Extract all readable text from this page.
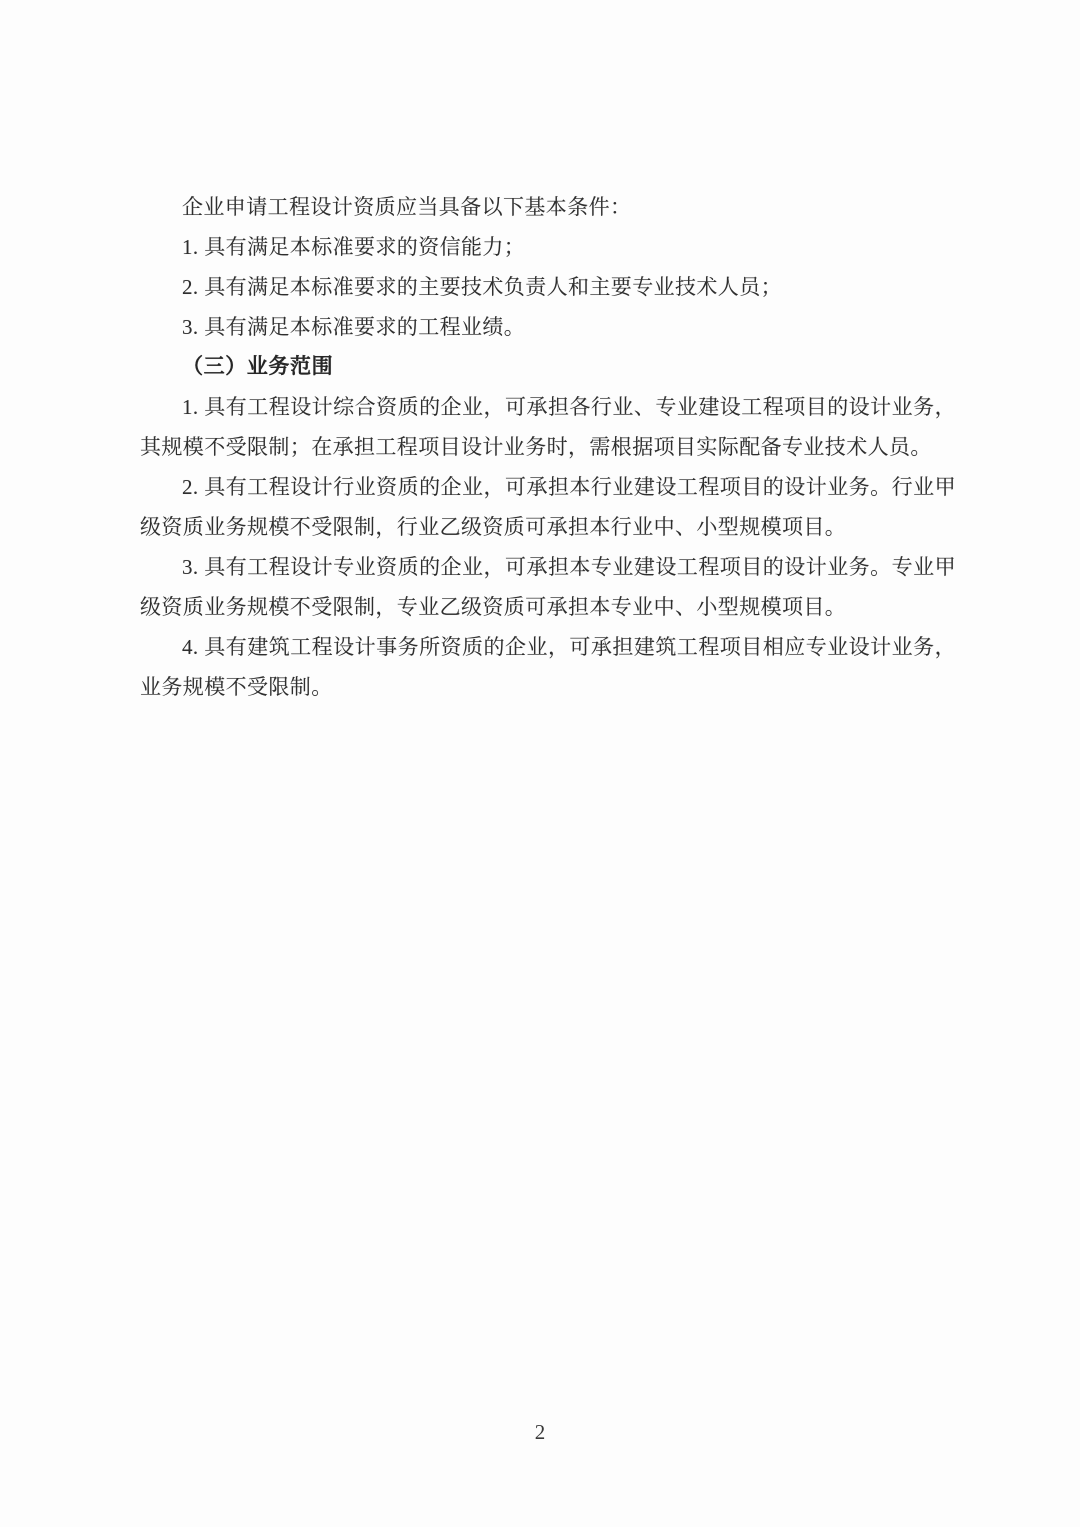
企业申请工程设计资质应当具备以下基本条件：

1. 具有满足本标准要求的资信能力；

2. 具有满足本标准要求的主要技术负责人和主要专业技术人员；

3. 具有满足本标准要求的工程业绩。

（三）业务范围

1. 具有工程设计综合资质的企业，可承担各行业、专业建设工程项目的设计业务，其规模不受限制；在承担工程项目设计业务时，需根据项目实际配备专业技术人员。

2. 具有工程设计行业资质的企业，可承担本行业建设工程项目的设计业务。行业甲级资质业务规模不受限制，行业乙级资质可承担本行业中、小型规模项目。

3. 具有工程设计专业资质的企业，可承担本专业建设工程项目的设计业务。专业甲级资质业务规模不受限制，专业乙级资质可承担本专业中、小型规模项目。

4. 具有建筑工程设计事务所资质的企业，可承担建筑工程项目相应专业设计业务，业务规模不受限制。

2
